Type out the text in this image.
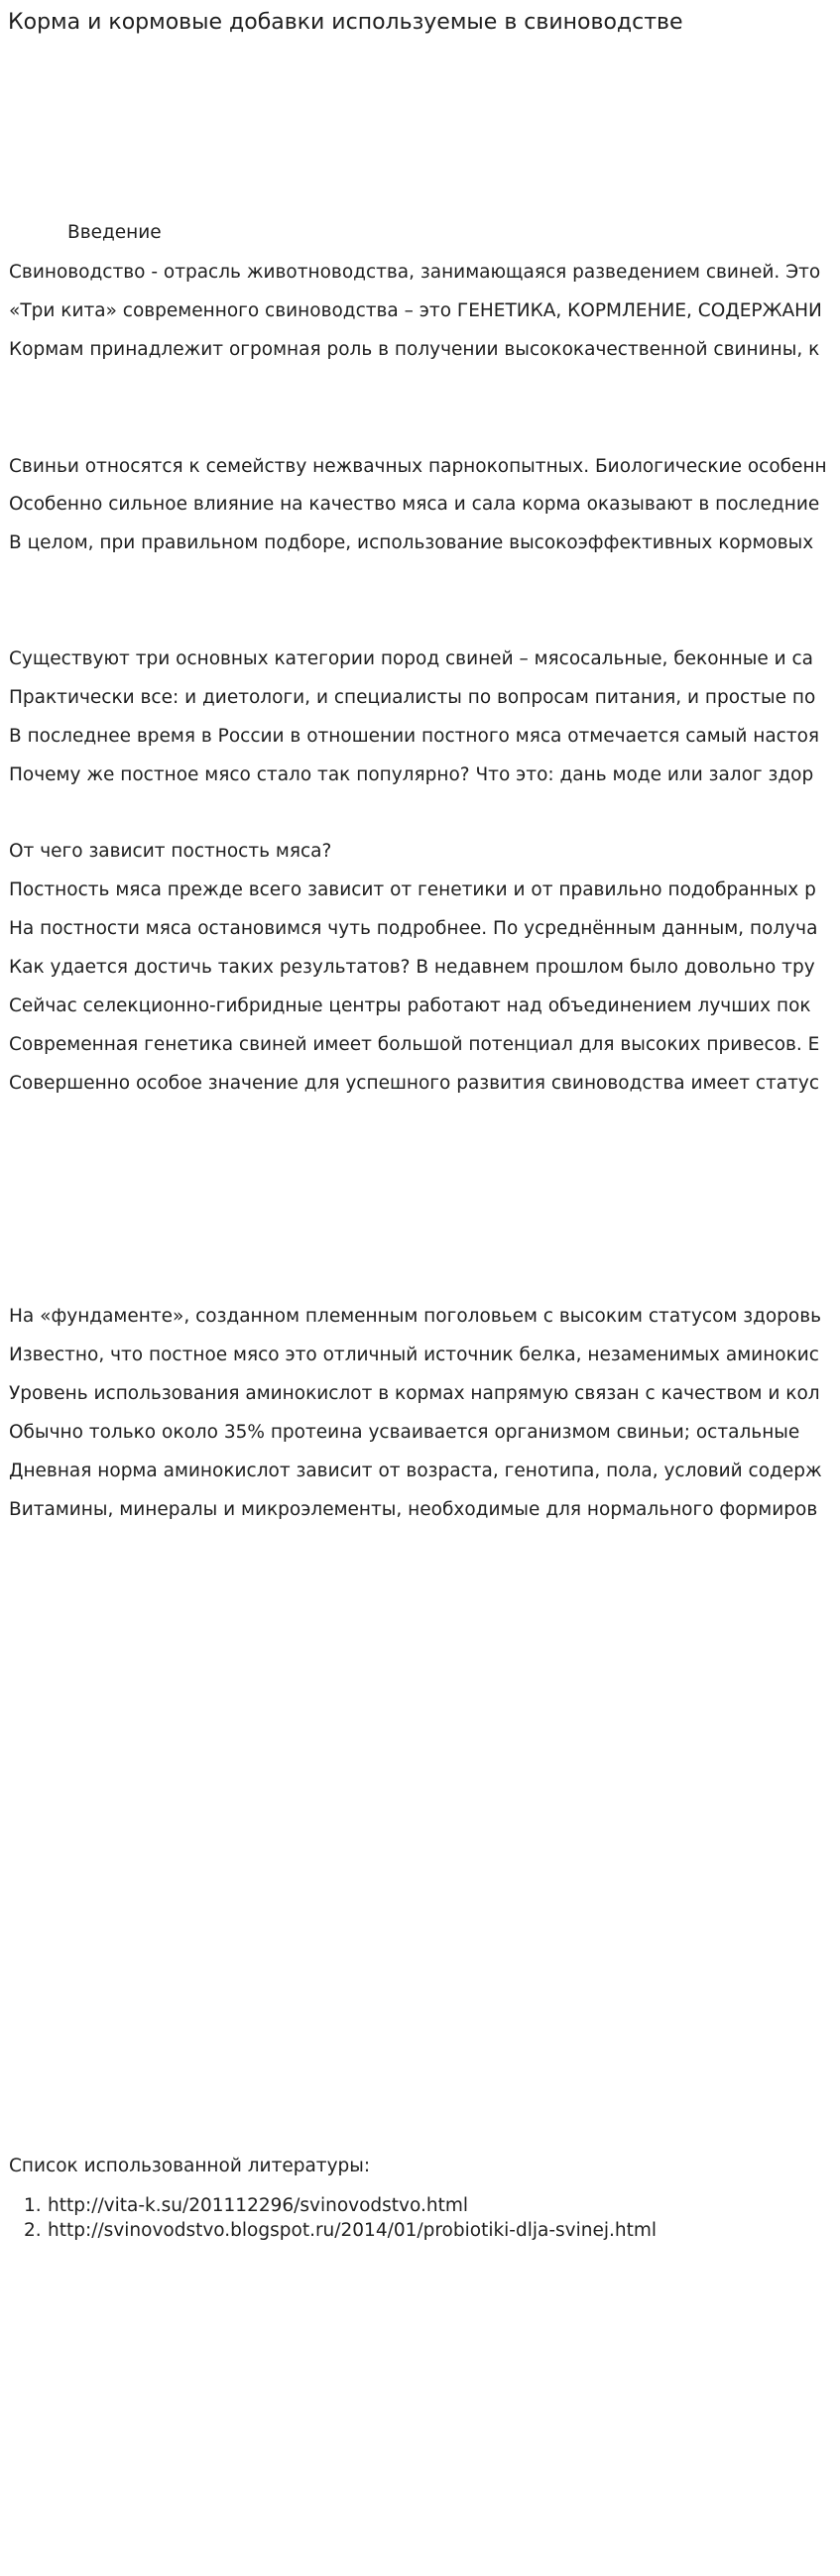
Корма и кормовые добавки используемые в свиноводстве
Введение
Свиноводство - отрасль животноводства, занимающаяся разведением свиней. Это
«Три кита» современного свиноводства – это ГЕНЕТИКА, КОРМЛЕНИЕ, СОДЕРЖАНИ
Кормам принадлежит огромная роль в получении высококачественной свинины, к
Свиньи относятся к семейству нежвачных парнокопытных. Биологические особенн
Особенно сильное влияние на качество мяса и сала корма оказывают в последние
В целом, при правильном подборе, использование высокоэффективных кормовых
Существуют три основных категории пород свиней – мясосальные, беконные и са
Практически все: и диетологи, и специалисты по вопросам питания, и простые по
В последнее время в России в отношении постного мяса отмечается самый настоя
Почему же постное мясо стало так популярно? Что это: дань моде или залог здор
От чего зависит постность мяса?
Постность мяса прежде всего зависит от генетики и от правильно подобранных р
На постности мяса остановимся чуть подробнее. По усреднённым данным, получа
Как удается достичь таких результатов? В недавнем прошлом было довольно тру
Сейчас селекционно-гибридные центры работают над объединением лучших пок
Современная генетика свиней имеет большой потенциал для высоких привесов. Е
Совершенно особое значение для успешного развития свиноводства имеет статус
На «фундаменте», созданном племенным поголовьем с высоким статусом здоровь
Известно, что постное мясо это отличный источник белка, незаменимых аминокис
Уровень использования аминокислот в кормах напрямую связан с качеством и кол
Обычно только около 35% протеина усваивается организмом свиньи; остальные
Дневная норма аминокислот зависит от возраста, генотипа, пола, условий содерж
Витамины, минералы и микроэлементы, необходимые для нормального формиров
Список использованной литературы:
1. http://vita-k.su/201112296/svinovodstvo.html
2. http://svinovodstvo.blogspot.ru/2014/01/probiotiki-dlja-svinej.html
